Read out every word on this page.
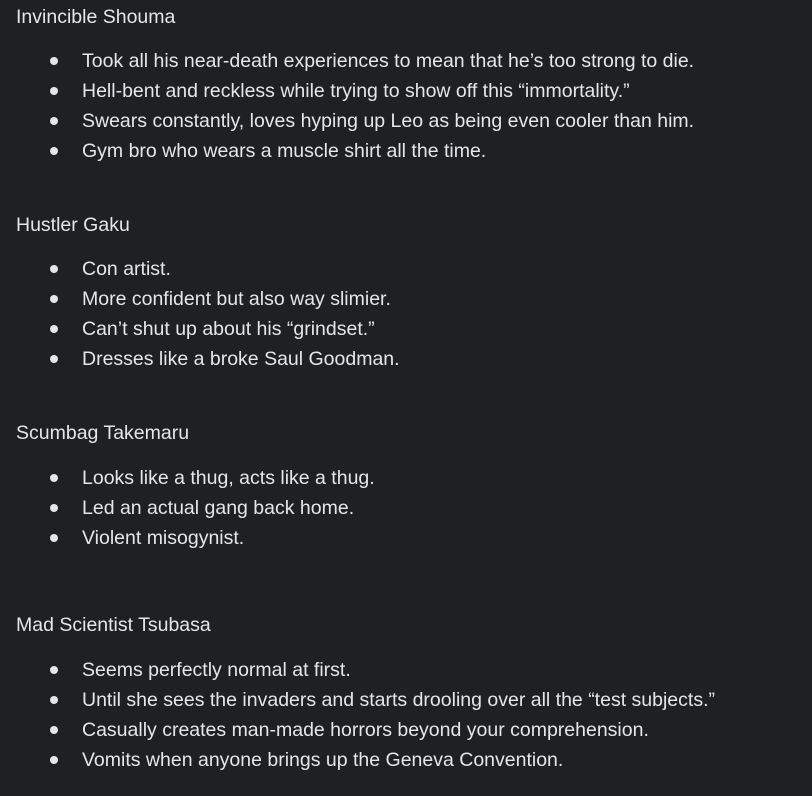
Invincible Shouma
Took all his near-death experiences to mean that he’s too strong to die.
Hell-bent and reckless while trying to show off this “immortality.”
Swears constantly, loves hyping up Leo as being even cooler than him.
Gym bro who wears a muscle shirt all the time.
Hustler Gaku
Con artist.
More confident but also way slimier.
Can’t shut up about his “grindset.”
Dresses like a broke Saul Goodman.
Scumbag Takemaru
Looks like a thug, acts like a thug.
Led an actual gang back home.
Violent misogynist.
Mad Scientist Tsubasa
Seems perfectly normal at first.
Until she sees the invaders and starts drooling over all the “test subjects.”
Casually creates man-made horrors beyond your comprehension.
Vomits when anyone brings up the Geneva Convention.
